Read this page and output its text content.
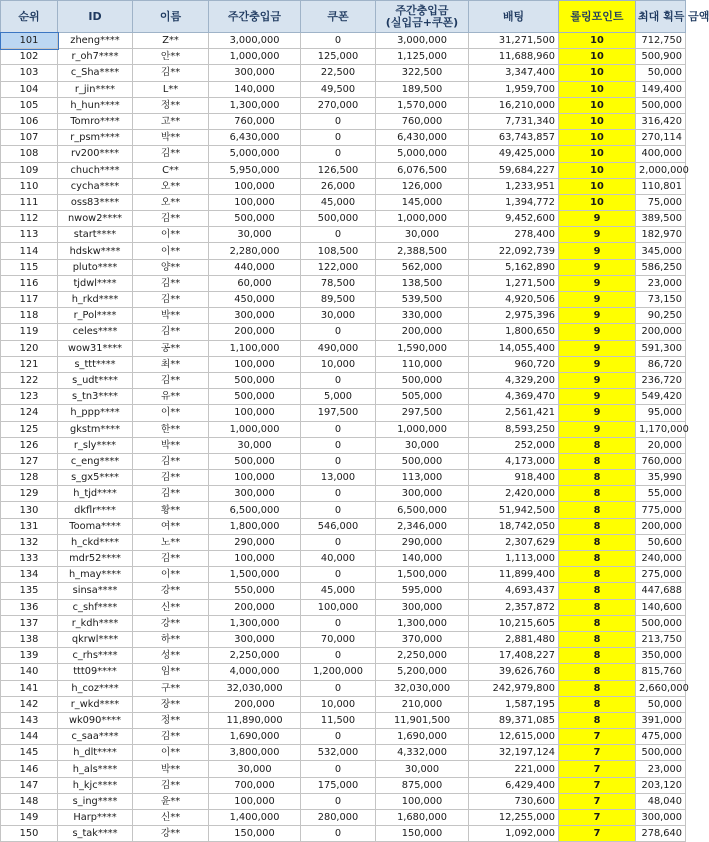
순위	ID	이름	주간충입금	쿠폰	주간충입금
(실입금+쿠폰)	배팅	롤링포인트	최대 획득 금액
101	zheng****	Z**	3,000,000	0	3,000,000	31,271,500	10	712,750
102	r_oh7****	안**	1,000,000	125,000	1,125,000	11,688,960	10	500,900
103	c_Sha****	김**	300,000	22,500	322,500	3,347,400	10	50,000
104	r_jin****	L**	140,000	49,500	189,500	1,959,700	10	149,400
105	h_hun****	정**	1,300,000	270,000	1,570,000	16,210,000	10	500,000
106	Tomro****	고**	760,000	0	760,000	7,731,340	10	316,420
107	r_psm****	박**	6,430,000	0	6,430,000	63,743,857	10	270,114
108	rv200****	김**	5,000,000	0	5,000,000	49,425,000	10	400,000
109	chuch****	C**	5,950,000	126,500	6,076,500	59,684,227	10	2,000,000
110	cycha****	오**	100,000	26,000	126,000	1,233,951	10	110,801
111	oss83****	오**	100,000	45,000	145,000	1,394,772	10	75,000
112	nwow2****	김**	500,000	500,000	1,000,000	9,452,600	9	389,500
113	start****	이**	30,000	0	30,000	278,400	9	182,970
114	hdskw****	이**	2,280,000	108,500	2,388,500	22,092,739	9	345,000
115	pluto****	양**	440,000	122,000	562,000	5,162,890	9	586,250
116	tjdwl****	김**	60,000	78,500	138,500	1,271,500	9	23,000
117	h_rkd****	김**	450,000	89,500	539,500	4,920,506	9	73,150
118	r_Pol****	박**	300,000	30,000	330,000	2,975,396	9	90,250
119	celes****	김**	200,000	0	200,000	1,800,650	9	200,000
120	wow31****	공**	1,100,000	490,000	1,590,000	14,055,400	9	591,300
121	s_ttt****	최**	100,000	10,000	110,000	960,720	9	86,720
122	s_udt****	김**	500,000	0	500,000	4,329,200	9	236,720
123	s_tn3****	유**	500,000	5,000	505,000	4,369,470	9	549,420
124	h_ppp****	이**	100,000	197,500	297,500	2,561,421	9	95,000
125	gkstm****	한**	1,000,000	0	1,000,000	8,593,250	9	1,170,000
126	r_sly****	박**	30,000	0	30,000	252,000	8	20,000
127	c_eng****	김**	500,000	0	500,000	4,173,000	8	760,000
128	s_gx5****	김**	100,000	13,000	113,000	918,400	8	35,990
129	h_tjd****	김**	300,000	0	300,000	2,420,000	8	55,000
130	dkflr****	황**	6,500,000	0	6,500,000	51,942,500	8	775,000
131	Tooma****	여**	1,800,000	546,000	2,346,000	18,742,050	8	200,000
132	h_ckd****	노**	290,000	0	290,000	2,307,629	8	50,600
133	mdr52****	김**	100,000	40,000	140,000	1,113,000	8	240,000
134	h_may****	이**	1,500,000	0	1,500,000	11,899,400	8	275,000
135	sinsa****	강**	550,000	45,000	595,000	4,693,437	8	447,688
136	c_shf****	신**	200,000	100,000	300,000	2,357,872	8	140,600
137	r_kdh****	강**	1,300,000	0	1,300,000	10,215,605	8	500,000
138	qkrwl****	하**	300,000	70,000	370,000	2,881,480	8	213,750
139	c_rhs****	성**	2,250,000	0	2,250,000	17,408,227	8	350,000
140	ttt09****	임**	4,000,000	1,200,000	5,200,000	39,626,760	8	815,760
141	h_coz****	구**	32,030,000	0	32,030,000	242,979,800	8	2,660,000
142	r_wkd****	장**	200,000	10,000	210,000	1,587,195	8	50,000
143	wk090****	정**	11,890,000	11,500	11,901,500	89,371,085	8	391,000
144	c_saa****	김**	1,690,000	0	1,690,000	12,615,000	7	475,000
145	h_dlt****	이**	3,800,000	532,000	4,332,000	32,197,124	7	500,000
146	h_als****	박**	30,000	0	30,000	221,000	7	23,000
147	h_kjc****	김**	700,000	175,000	875,000	6,429,400	7	203,120
148	s_ing****	윤**	100,000	0	100,000	730,600	7	48,040
149	Harp****	신**	1,400,000	280,000	1,680,000	12,255,000	7	300,000
150	s_tak****	강**	150,000	0	150,000	1,092,000	7	278,640
